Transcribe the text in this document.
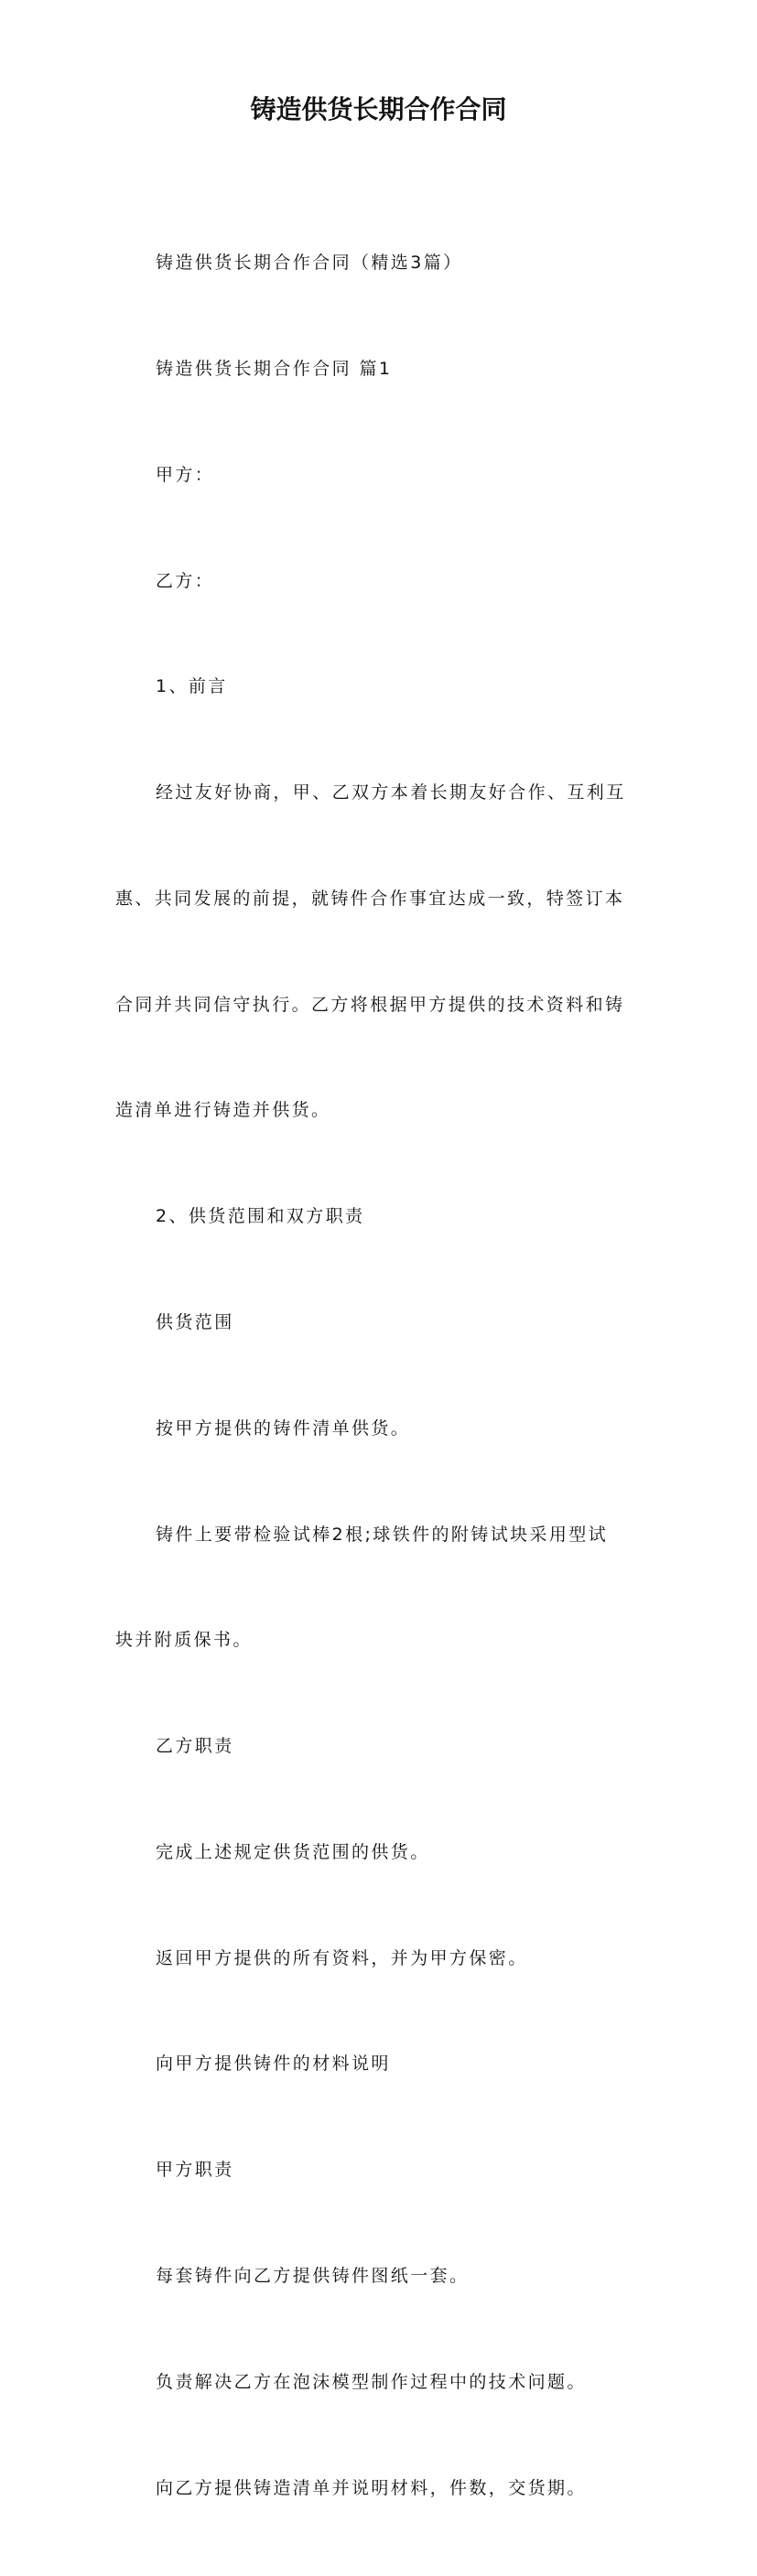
铸造供货长期合作合同

铸造供货长期合作合同（精选3篇）

铸造供货长期合作合同 篇1

甲方：

乙方：

1、前言

经过友好协商，甲、乙双方本着长期友好合作、互利互

惠、共同发展的前提，就铸件合作事宜达成一致，特签订本

合同并共同信守执行。乙方将根据甲方提供的技术资料和铸

造清单进行铸造并供货。

2、供货范围和双方职责

供货范围

按甲方提供的铸件清单供货。

铸件上要带检验试棒2根;球铁件的附铸试块采用型试

块并附质保书。

乙方职责

完成上述规定供货范围的供货。

返回甲方提供的所有资料，并为甲方保密。

向甲方提供铸件的材料说明

甲方职责

每套铸件向乙方提供铸件图纸一套。

负责解决乙方在泡沫模型制作过程中的技术问题。

向乙方提供铸造清单并说明材料，件数，交货期。
